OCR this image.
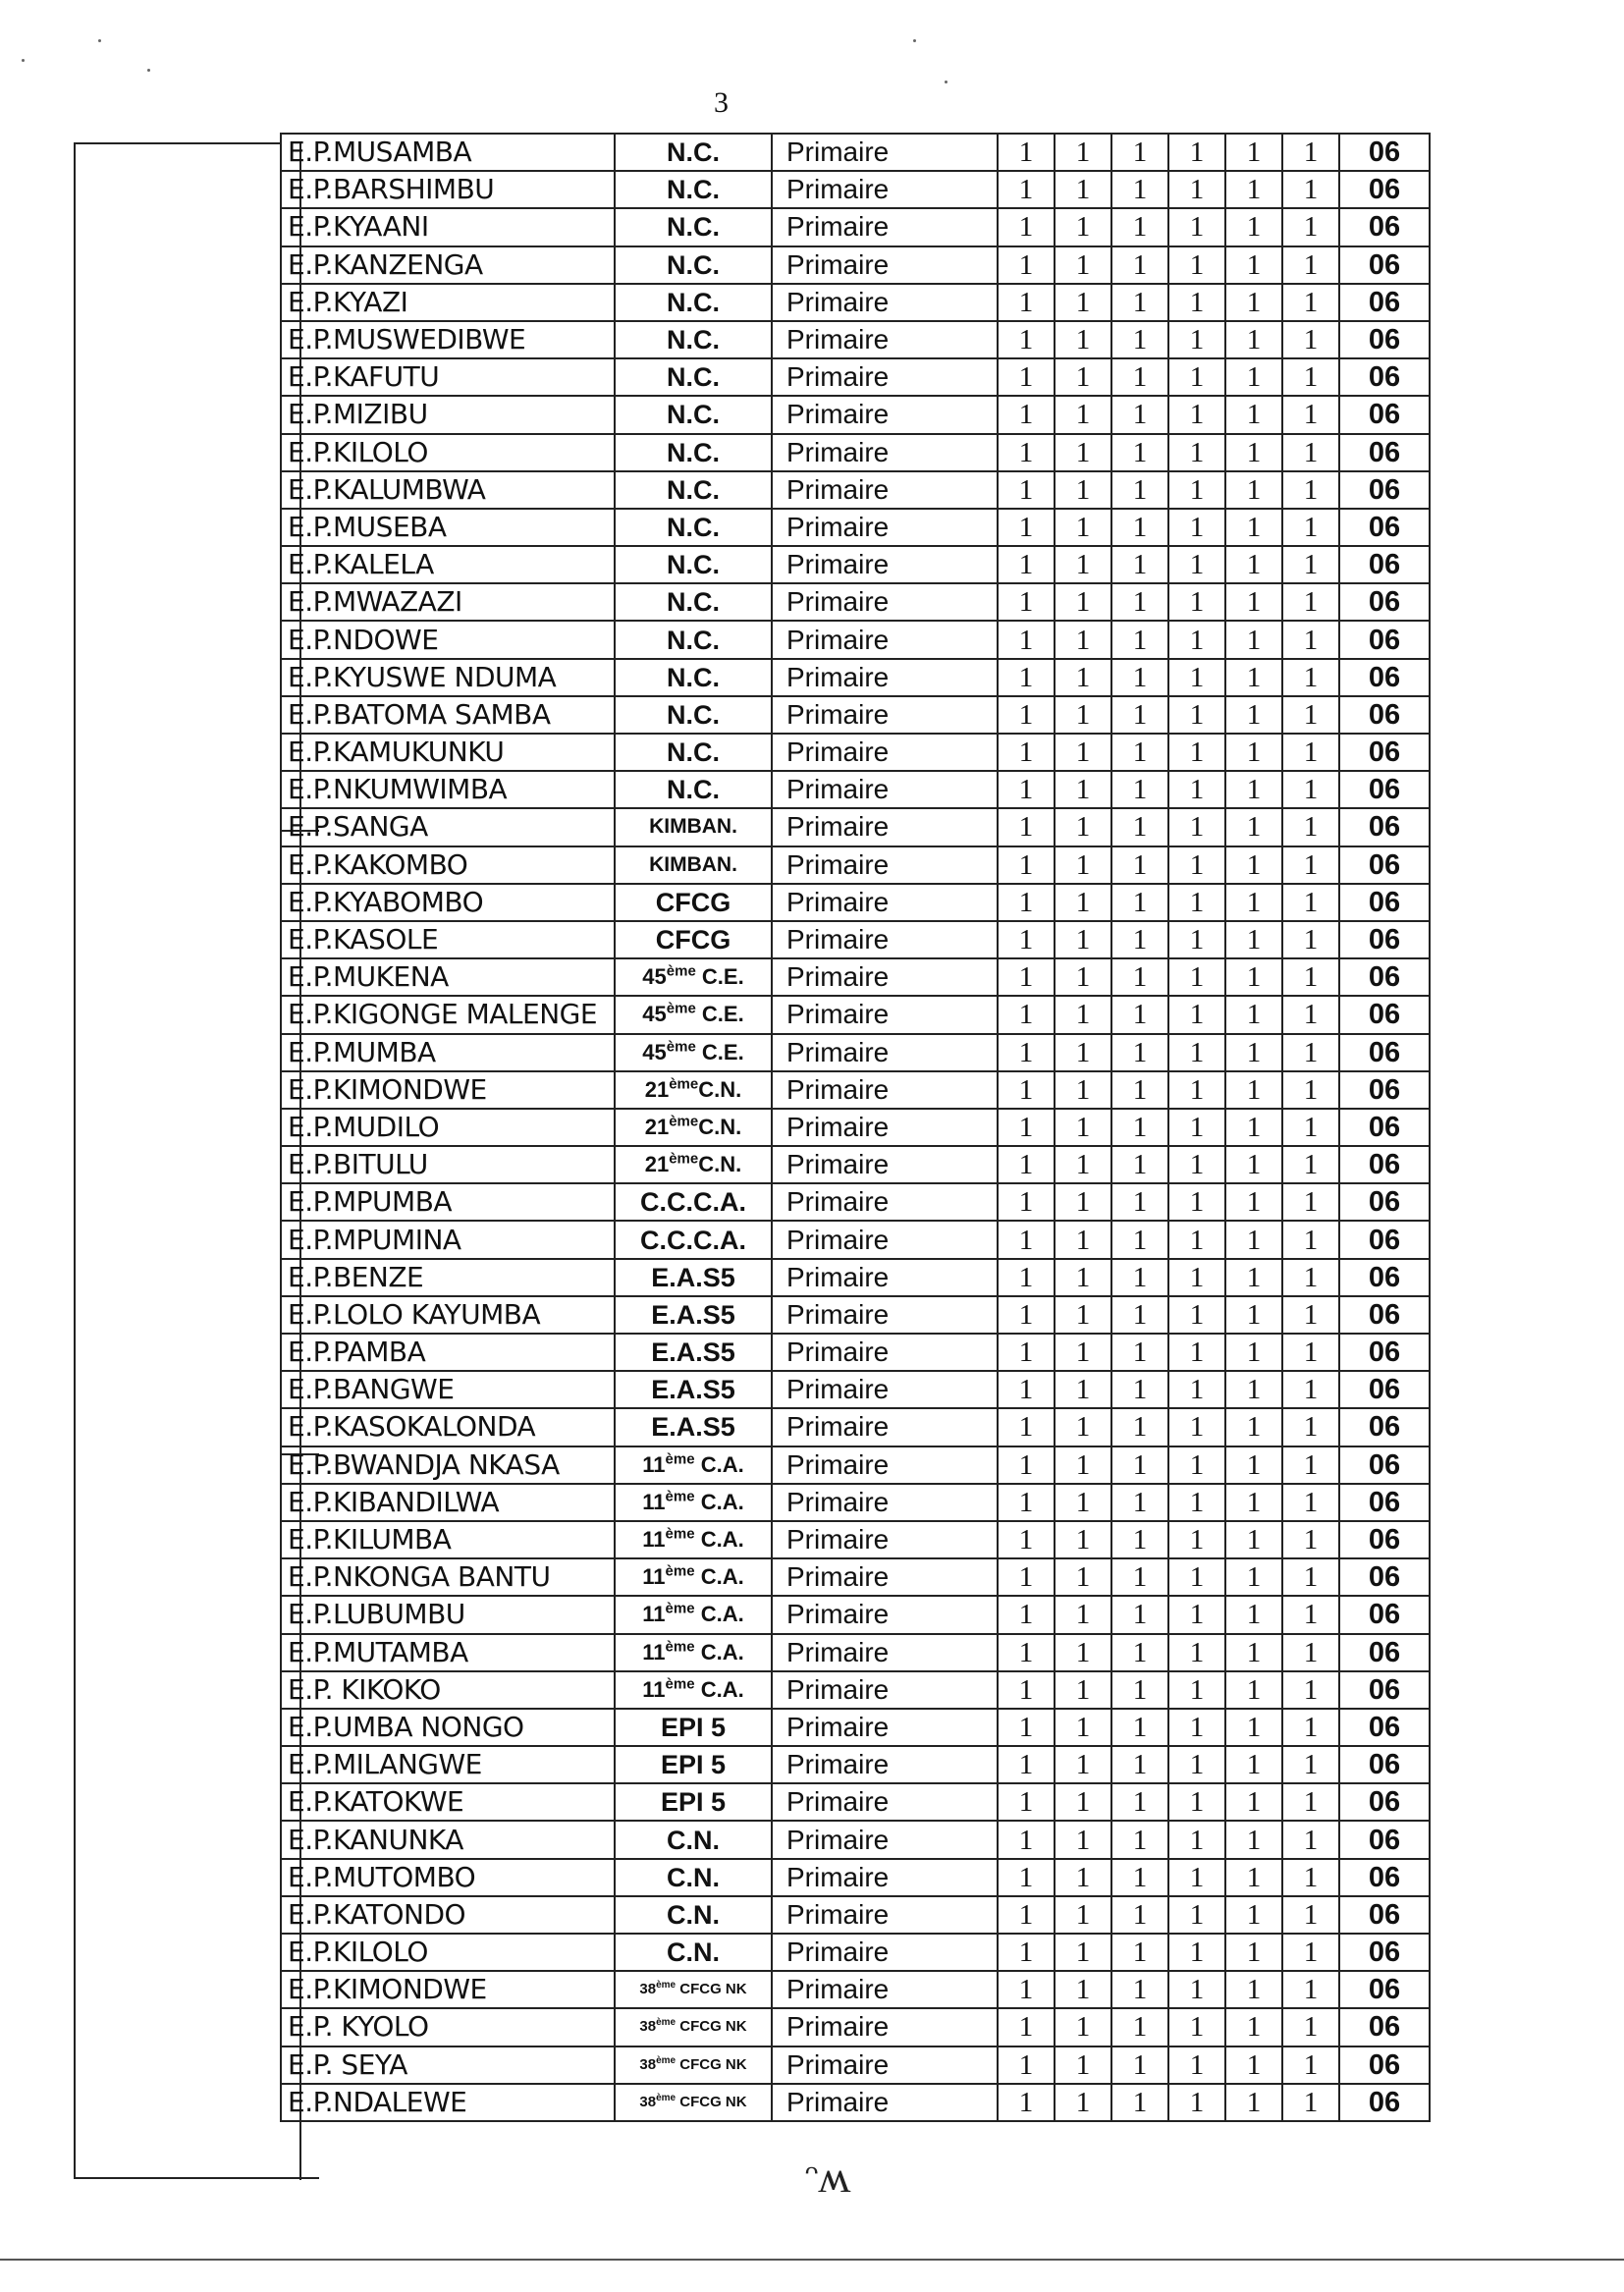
3
E.P.MUSAMBA	N.C.	Primaire	1	1	1	1	1	1	06
E.P.BARSHIMBU	N.C.	Primaire	1	1	1	1	1	1	06
E.P.KYAANI	N.C.	Primaire	1	1	1	1	1	1	06
E.P.KANZENGA	N.C.	Primaire	1	1	1	1	1	1	06
E.P.KYAZI	N.C.	Primaire	1	1	1	1	1	1	06
E.P.MUSWEDIBWE	N.C.	Primaire	1	1	1	1	1	1	06
E.P.KAFUTU	N.C.	Primaire	1	1	1	1	1	1	06
E.P.MIZIBU	N.C.	Primaire	1	1	1	1	1	1	06
E.P.KILOLO	N.C.	Primaire	1	1	1	1	1	1	06
E.P.KALUMBWA	N.C.	Primaire	1	1	1	1	1	1	06
E.P.MUSEBA	N.C.	Primaire	1	1	1	1	1	1	06
E.P.KALELA	N.C.	Primaire	1	1	1	1	1	1	06
E.P.MWAZAZI	N.C.	Primaire	1	1	1	1	1	1	06
E.P.NDOWE	N.C.	Primaire	1	1	1	1	1	1	06
E.P.KYUSWE NDUMA	N.C.	Primaire	1	1	1	1	1	1	06
E.P.BATOMA SAMBA	N.C.	Primaire	1	1	1	1	1	1	06
E.P.KAMUKUNKU	N.C.	Primaire	1	1	1	1	1	1	06
E.P.NKUMWIMBA	N.C.	Primaire	1	1	1	1	1	1	06
E.P.SANGA	KIMBAN.	Primaire	1	1	1	1	1	1	06
E.P.KAKOMBO	KIMBAN.	Primaire	1	1	1	1	1	1	06
E.P.KYABOMBO	CFCG	Primaire	1	1	1	1	1	1	06
E.P.KASOLE	CFCG	Primaire	1	1	1	1	1	1	06
E.P.MUKENA	45ème C.E.	Primaire	1	1	1	1	1	1	06
E.P.KIGONGE MALENGE	45ème C.E.	Primaire	1	1	1	1	1	1	06
E.P.MUMBA	45ème C.E.	Primaire	1	1	1	1	1	1	06
E.P.KIMONDWE	21èmeC.N.	Primaire	1	1	1	1	1	1	06
E.P.MUDILO	21èmeC.N.	Primaire	1	1	1	1	1	1	06
E.P.BITULU	21èmeC.N.	Primaire	1	1	1	1	1	1	06
E.P.MPUMBA	C.C.C.A.	Primaire	1	1	1	1	1	1	06
E.P.MPUMINA	C.C.C.A.	Primaire	1	1	1	1	1	1	06
E.P.BENZE	E.A.S5	Primaire	1	1	1	1	1	1	06
E.P.LOLO KAYUMBA	E.A.S5	Primaire	1	1	1	1	1	1	06
E.P.PAMBA	E.A.S5	Primaire	1	1	1	1	1	1	06
E.P.BANGWE	E.A.S5	Primaire	1	1	1	1	1	1	06
E.P.KASOKALONDA	E.A.S5	Primaire	1	1	1	1	1	1	06
E.P.BWANDJA NKASA	11ème C.A.	Primaire	1	1	1	1	1	1	06
E.P.KIBANDILWA	11ème C.A.	Primaire	1	1	1	1	1	1	06
E.P.KILUMBA	11ème C.A.	Primaire	1	1	1	1	1	1	06
E.P.NKONGA BANTU	11ème C.A.	Primaire	1	1	1	1	1	1	06
E.P.LUBUMBU	11ème C.A.	Primaire	1	1	1	1	1	1	06
E.P.MUTAMBA	11ème C.A.	Primaire	1	1	1	1	1	1	06
E.P. KIKOKO	11ème C.A.	Primaire	1	1	1	1	1	1	06
E.P.UMBA NONGO	EPI 5	Primaire	1	1	1	1	1	1	06
E.P.MILANGWE	EPI 5	Primaire	1	1	1	1	1	1	06
E.P.KATOKWE	EPI 5	Primaire	1	1	1	1	1	1	06
E.P.KANUNKA	C.N.	Primaire	1	1	1	1	1	1	06
E.P.MUTOMBO	C.N.	Primaire	1	1	1	1	1	1	06
E.P.KATONDO	C.N.	Primaire	1	1	1	1	1	1	06
E.P.KILOLO	C.N.	Primaire	1	1	1	1	1	1	06
E.P.KIMONDWE	38ème CFCG NK	Primaire	1	1	1	1	1	1	06
E.P. KYOLO	38ème CFCG NK	Primaire	1	1	1	1	1	1	06
E.P. SEYA	38ème CFCG NK	Primaire	1	1	1	1	1	1	06
E.P.NDALEWE	38ème CFCG NK	Primaire	1	1	1	1	1	1	06
ᵔʍ
